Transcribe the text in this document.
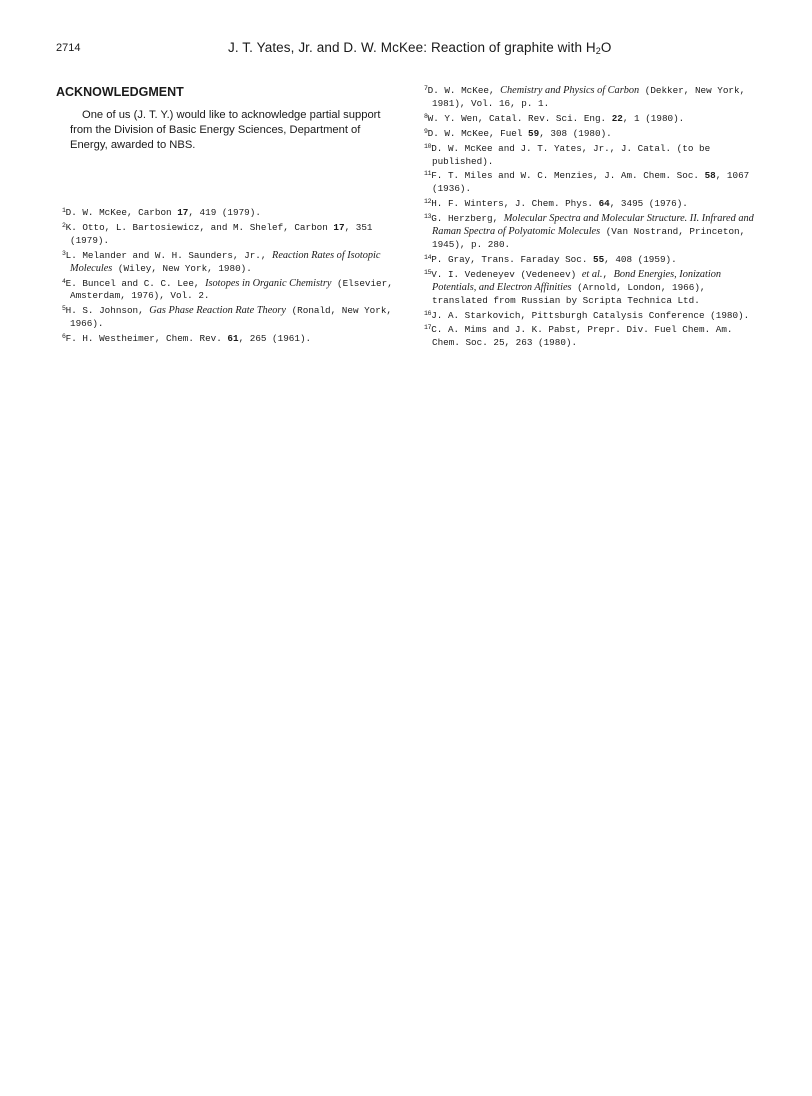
2714	J. T. Yates, Jr. and D. W. McKee: Reaction of graphite with $H_2O$
ACKNOWLEDGMENT

One of us (J. T. Y.) would like to acknowledge partial support from the Division of Basic Energy Sciences, Department of Energy, awarded to NBS.

$^1$D. W. McKee, Carbon 17, 419 (1979).

$^2$K. Otto, L. Bartosiewicz, and M. Shelef, Carbon 17, 351 (1979).

$^3$L. Melander and W. H. Saunders, Jr., Reaction Rates of Isotopic Molecules (Wiley, New York, 1980).

$^4$E. Buncel and C. C. Lee, Isotopes in Organic Chemistry (Elsevier, Amsterdam, 1976), Vol. 2.

$^5$H. S. Johnson, Gas Phase Reaction Rate Theory (Ronald, New York, 1966).

$^6$F. H. Westheimer, Chem. Rev. 61, 265 (1961).

$^7$D. W. McKee, Chemistry and Physics of Carbon (Dekker, New York, 1981), Vol. 16, p. 1.

$^8$W. Y. Wen, Catal. Rev. Sci. Eng. 22, 1 (1980).

$^9$D. W. McKee, Fuel 59, 308 (1980).

$^{10}$D. W. McKee and J. T. Yates, Jr., J. Catal. (to be published).

$^{11}$F. T. Miles and W. C. Menzies, J. Am. Chem. Soc. 58, 1067 (1936).

$^{12}$H. F. Winters, J. Chem. Phys. 64, 3495 (1976).

$^{13}$G. Herzberg, Molecular Spectra and Molecular Structure. II. Infrared and Raman Spectra of Polyatomic Molecules (Van Nostrand, Princeton, 1945), p. 280.

$^{14}$P. Gray, Trans. Faraday Soc. 55, 408 (1959).

$^{15}$V. I. Vedeneyev (Vedeneev) et al., Bond Energies, Ionization Potentials, and Electron Affinities (Arnold, London, 1966), translated from Russian by Scripta Technica Ltd.

$^{16}$J. A. Starkovich, Pittsburgh Catalysis Conference (1980).

$^{17}$C. A. Mims and J. K. Pabst, Prepr. Div. Fuel Chem. Am. Chem. Soc. 25, 263 (1980).
